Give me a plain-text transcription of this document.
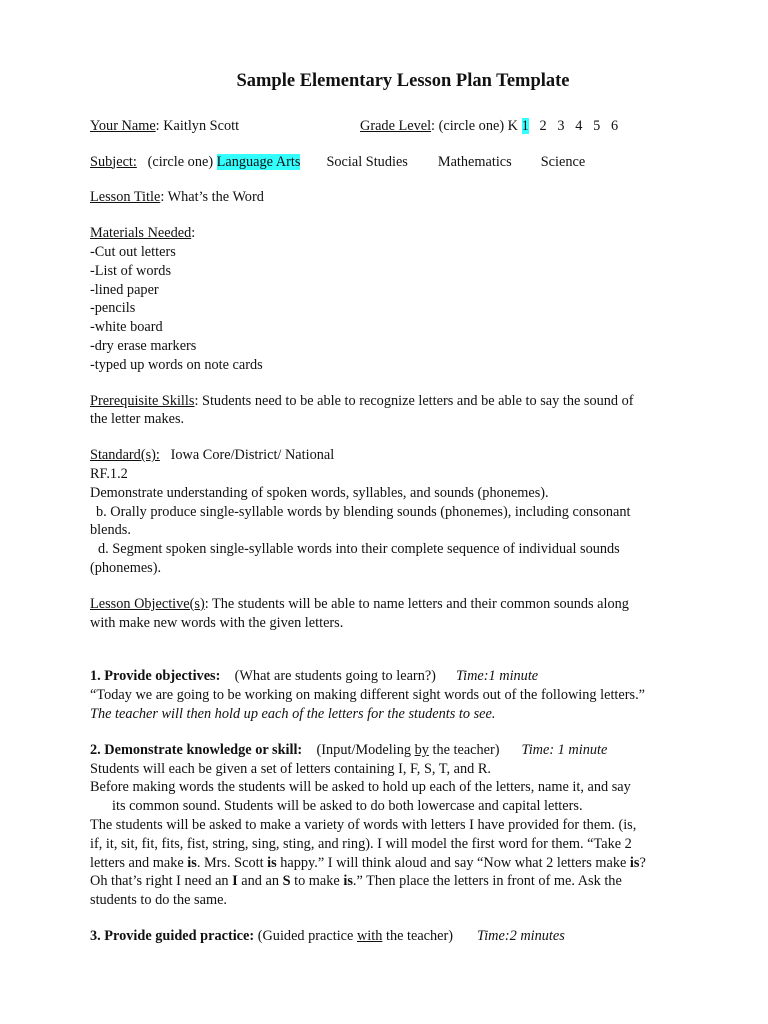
Sample Elementary Lesson Plan Template
Your Name: Kaitlyn Scott	Grade Level: (circle one) K 1 2   3   4   5   6
Subject: (circle one) Language Arts Social Studies Mathematics Science
Lesson Title: What’s the Word
Materials Needed:
-Cut out letters
-List of words
-lined paper
-pencils
-white board
-dry erase markers
-typed up words on note cards
Prerequisite Skills: Students need to be able to recognize letters and be able to say the sound of
the letter makes.
Standard(s): Iowa Core/District/ National
RF.1.2
Demonstrate understanding of spoken words, syllables, and sounds (phonemes).
b. Orally produce single-syllable words by blending sounds (phonemes), including consonant
blends.
d. Segment spoken single-syllable words into their complete sequence of individual sounds
(phonemes).
Lesson Objective(s): The students will be able to name letters and their common sounds along
with make new words with the given letters.
1. Provide objectives: (What are students going to learn?) Time:1 minute
“Today we are going to be working on making different sight words out of the following letters.”
The teacher will then hold up each of the letters for the students to see.
2. Demonstrate knowledge or skill: (Input/Modeling by the teacher) Time: 1 minute
Students will each be given a set of letters containing I, F, S, T, and R.
Before making words the students will be asked to hold up each of the letters, name it, and say
its common sound. Students will be asked to do both lowercase and capital letters.
The students will be asked to make a variety of words with letters I have provided for them. (is,
if, it, sit, fit, fits, fist, string, sing, sting, and ring). I will model the first word for them. “Take 2
letters and make is. Mrs. Scott is happy.” I will think aloud and say “Now what 2 letters make is?
Oh that’s right I need an I and an S to make is.” Then place the letters in front of me. Ask the
students to do the same.
3. Provide guided practice: (Guided practice with the teacher) Time:2 minutes
